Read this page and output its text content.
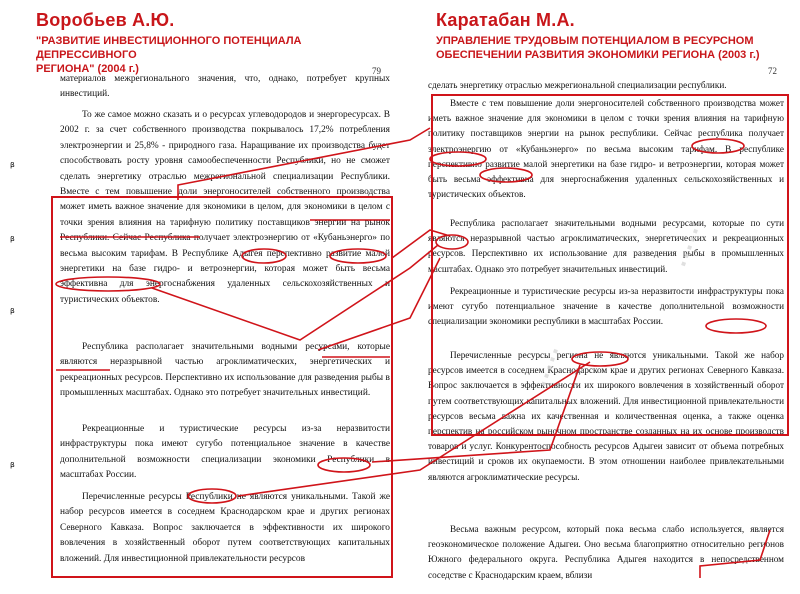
Воробьев А.Ю.
"РАЗВИТИЕ ИНВЕСТИЦИОННОГО ПОТЕНЦИАЛА ДЕПРЕССИВНОГО
РЕГИОНА" (2004 г.)
Каратабан М.А.
УПРАВЛЕНИЕ ТРУДОВЫМ ПОТЕНЦИАЛОМ В РЕСУРСНОМ
ОБЕСПЕЧЕНИИ РАЗВИТИЯ ЭКОНОМИКИ РЕГИОНА (2003 г.)
79
материалов межрегионального значения, что, однако, потребует крупных инвестиций.
То же самое можно сказать и о ресурсах углеводородов и энергоресурсах. В 2002 г. за счет собственного производства покрывалось 17,2% потребления электроэнергии и 25,8% - природного газа. Наращивание их производства будет способствовать росту уровня самообеспеченности Республики, но не сможет сделать энергетику отраслью межрегиональной специализации Республики. Вместе с тем повышение доли энергоносителей собственного производства может иметь важное значение для экономики в целом, для экономики в целом с точки зрения влияния на тарифную политику поставщиков энергии на рынок Республики. Сейчас Республика получает электроэнергию от «Кубаньэнерго» по весьма высоким тарифам. В Республике Адыгея перспективно развитие малой энергетики на базе гидро- и ветроэнергии, которая может быть весьма эффективна для энергоснабжения удаленных сельскохозяйственных и туристических объектов.
Республика располагает значительными водными ресурсами, которые являются неразрывной частью агроклиматических, энергетических и рекреационных ресурсов. Перспективно их использование для разведения рыбы в промышленных масштабах. Однако это потребует значительных инвестиций.
Рекреационные и туристические ресурсы из-за неразвитости инфраструктуры пока имеют сугубо потенциальное значение в качестве дополнительной возможности специализации экономики Республики в масштабах России.
Перечисленные ресурсы Республики не являются уникальными. Такой же набор ресурсов имеется в соседнем Краснодарском крае и других регионах Северного Кавказа. Вопрос заключается в эффективности их широкого вовлечения в хозяйственный оборот путем соответствующих капитальных вложений. Для инвестиционной привлекательности ресурсов
ᵝ
ᵝ
ᵝ
ᵝ
72
сделать энергетику отраслью межрегиональной специализации республики.
Вместе с тем повышение доли энергоносителей собственного производства может иметь важное значение для экономики в целом с точки зрения влияния на тарифную политику поставщиков энергии на рынок республики. Сейчас республика получает электроэнергию от «Кубаньэнерго» по весьма высоким тарифам. В республике перспективно развитие малой энергетики на базе гидро- и ветроэнергии, которая может быть весьма эффективна для энергоснабжения удаленных сельскохозяйственных и туристических объектов.
Республика располагает значительными водными ресурсами, которые по сути являются неразрывной частью агроклиматических, энергетических и рекреационных ресурсов. Перспективно их использование для разведения рыбы в промышленных масштабах. Однако это потребует значительных инвестиций.
Рекреационные и туристические ресурсы из-за неразвитости инфраструктуры пока имеют сугубо потенциальное значение в качестве дополнительной возможности специализации экономики республики в масштабах России.
Перечисленные ресурсы региона не являются уникальными. Такой же набор ресурсов имеется в соседнем Краснодарском крае и других регионах Северного Кавказа. Вопрос заключается в эффективности их широкого вовлечения в хозяйственный оборот путем соответствующих капитальных вложений. Для инвестиционной привлекательности ресурсов весьма важна их качественная и количественная оценка, а также оценка перспектив на российском рыночном пространстве созданных на их основе производств товаров и услуг. Конкурентоспособность ресурсов Адыгеи зависит от объема потребных инвестиций и сроков их окупаемости. В этом отношении наиболее привлекательными являются агроклиматические ресурсы.
Весьма важным ресурсом, который пока весьма слабо используется, является геоэкономическое положение Адыгеи. Оно весьма благоприятно относительно регионов Южного федерального округа. Республика Адыгея находится в непосредственном соседстве с Краснодарским краем, вблизи
·····
·····
